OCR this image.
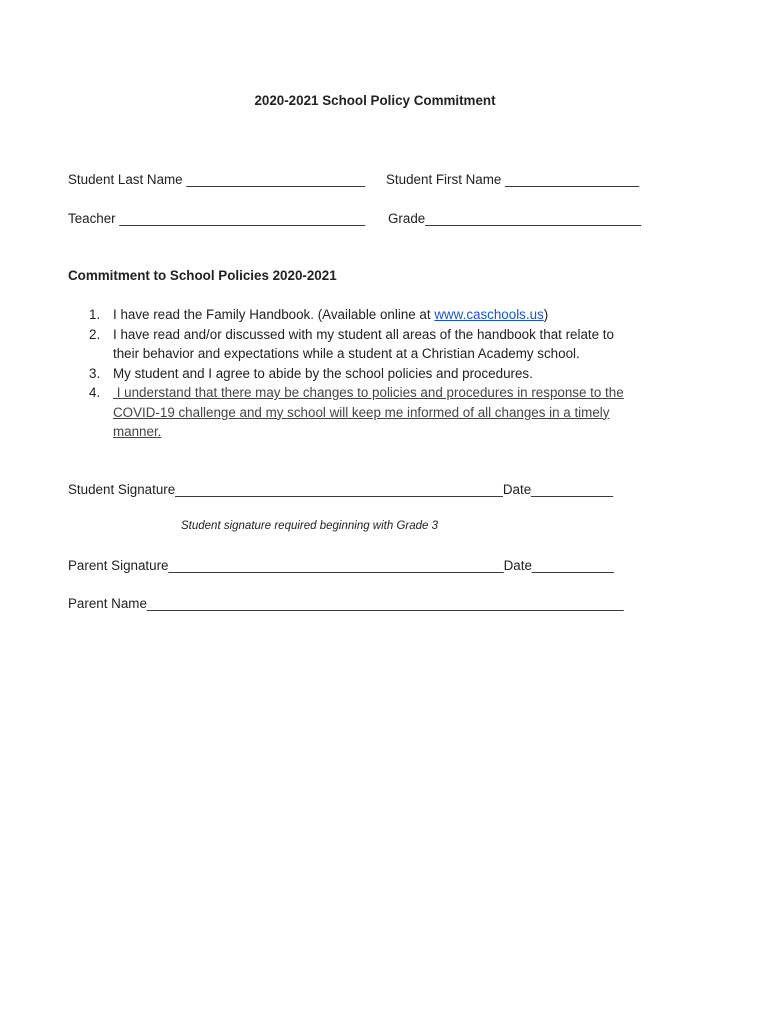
2020-2021 School Policy Commitment
Student Last Name ________________________ Student First Name __________________
Teacher _________________________________ Grade_____________________________
Commitment to School Policies 2020-2021
1. I have read the Family Handbook. (Available online at www.caschools.us)
2. I have read and/or discussed with my student all areas of the handbook that relate to
their behavior and expectations while a student at a Christian Academy school.
3. My student and I agree to abide by the school policies and procedures.
4. I understand that there may be changes to policies and procedures in response to the
COVID-19 challenge and my school will keep me informed of all changes in a timely
manner.
Student Signature____________________________________________Date___________
Student signature required beginning with Grade 3
Parent Signature_____________________________________________Date___________
Parent Name________________________________________________________________
